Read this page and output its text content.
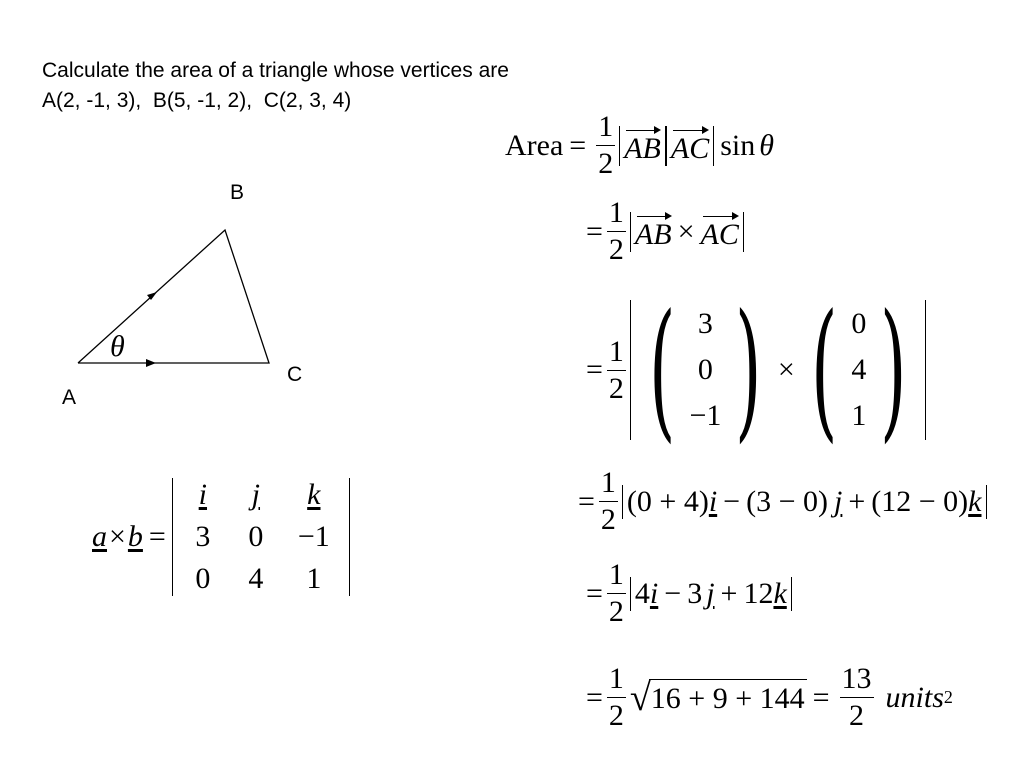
Calculate the area of a triangle whose vertices are
A(2, -1, 3),  B(5, -1, 2),  C(2, 3, 4)
B
C
A
θ
Area = $\frac{1}{2}$ AB AC sin θ
= $\frac{1}{2}$ AB × AC
= $\frac{1}{2}$ ( 3
0
−1 ) × ( 0
4
1 )
= $\frac{1}{2} (0 + 4) i - (3 - 0) j + (12 - 0)$ k
= $\frac{1}{2} 4$ i − 3 j + 12 k
= $\frac{1}{2}$ √ $16 + 9 + 144 = \frac{13}{2}$ units 2
a × b =
i	j	k
3	0	−1
0	4	1
